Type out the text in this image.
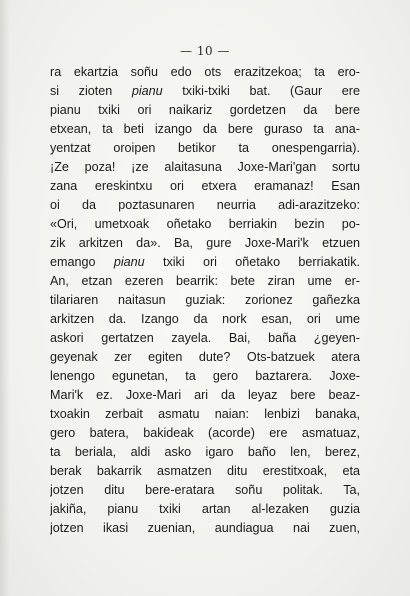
— 10 —
ra ekartzia soñu edo ots erazitzekoa; ta ero-
si zioten pianu txiki-txiki bat. (Gaur ere
pianu txiki ori naikariz gordetzen da bere
etxean, ta beti izango da bere guraso ta ana-
yentzat oroipen betikor ta onespengarria).
¡Ze poza! ¡ze alaitasuna Joxe-Mari'gan sortu
zana ereskintxu ori etxera eramanaz! Esan
oi da poztasunaren neurria adi-arazitzeko:
«Ori, umetxoak oñetako berriakin bezin po-
zik arkitzen da». Ba, gure Joxe-Mari'k etzuen
emango pianu txiki ori oñetako berriakatik.
An, etzan ezeren bearrik: bete ziran ume er-
tilariaren naitasun guziak: zorionez gañezka
arkitzen da. Izango da nork esan, ori ume
askori gertatzen zayela. Bai, baña ¿geyen-
geyenak zer egiten dute? Ots-batzuek atera
lenengo egunetan, ta gero baztarera. Joxe-
Mari'k ez. Joxe-Mari ari da leyaz bere beaz-
txoakin zerbait asmatu naian: lenbizi banaka,
gero batera, bakideak (acorde) ere asmatuaz,
ta beriala, aldi asko igaro baño len, berez,
berak bakarrik asmatzen ditu erestitxoak, eta
jotzen ditu bere-eratara soñu politak. Ta,
jakiña, pianu txiki artan al-lezaken guzia
jotzen ikasi zuenian, aundiagua nai zuen,
